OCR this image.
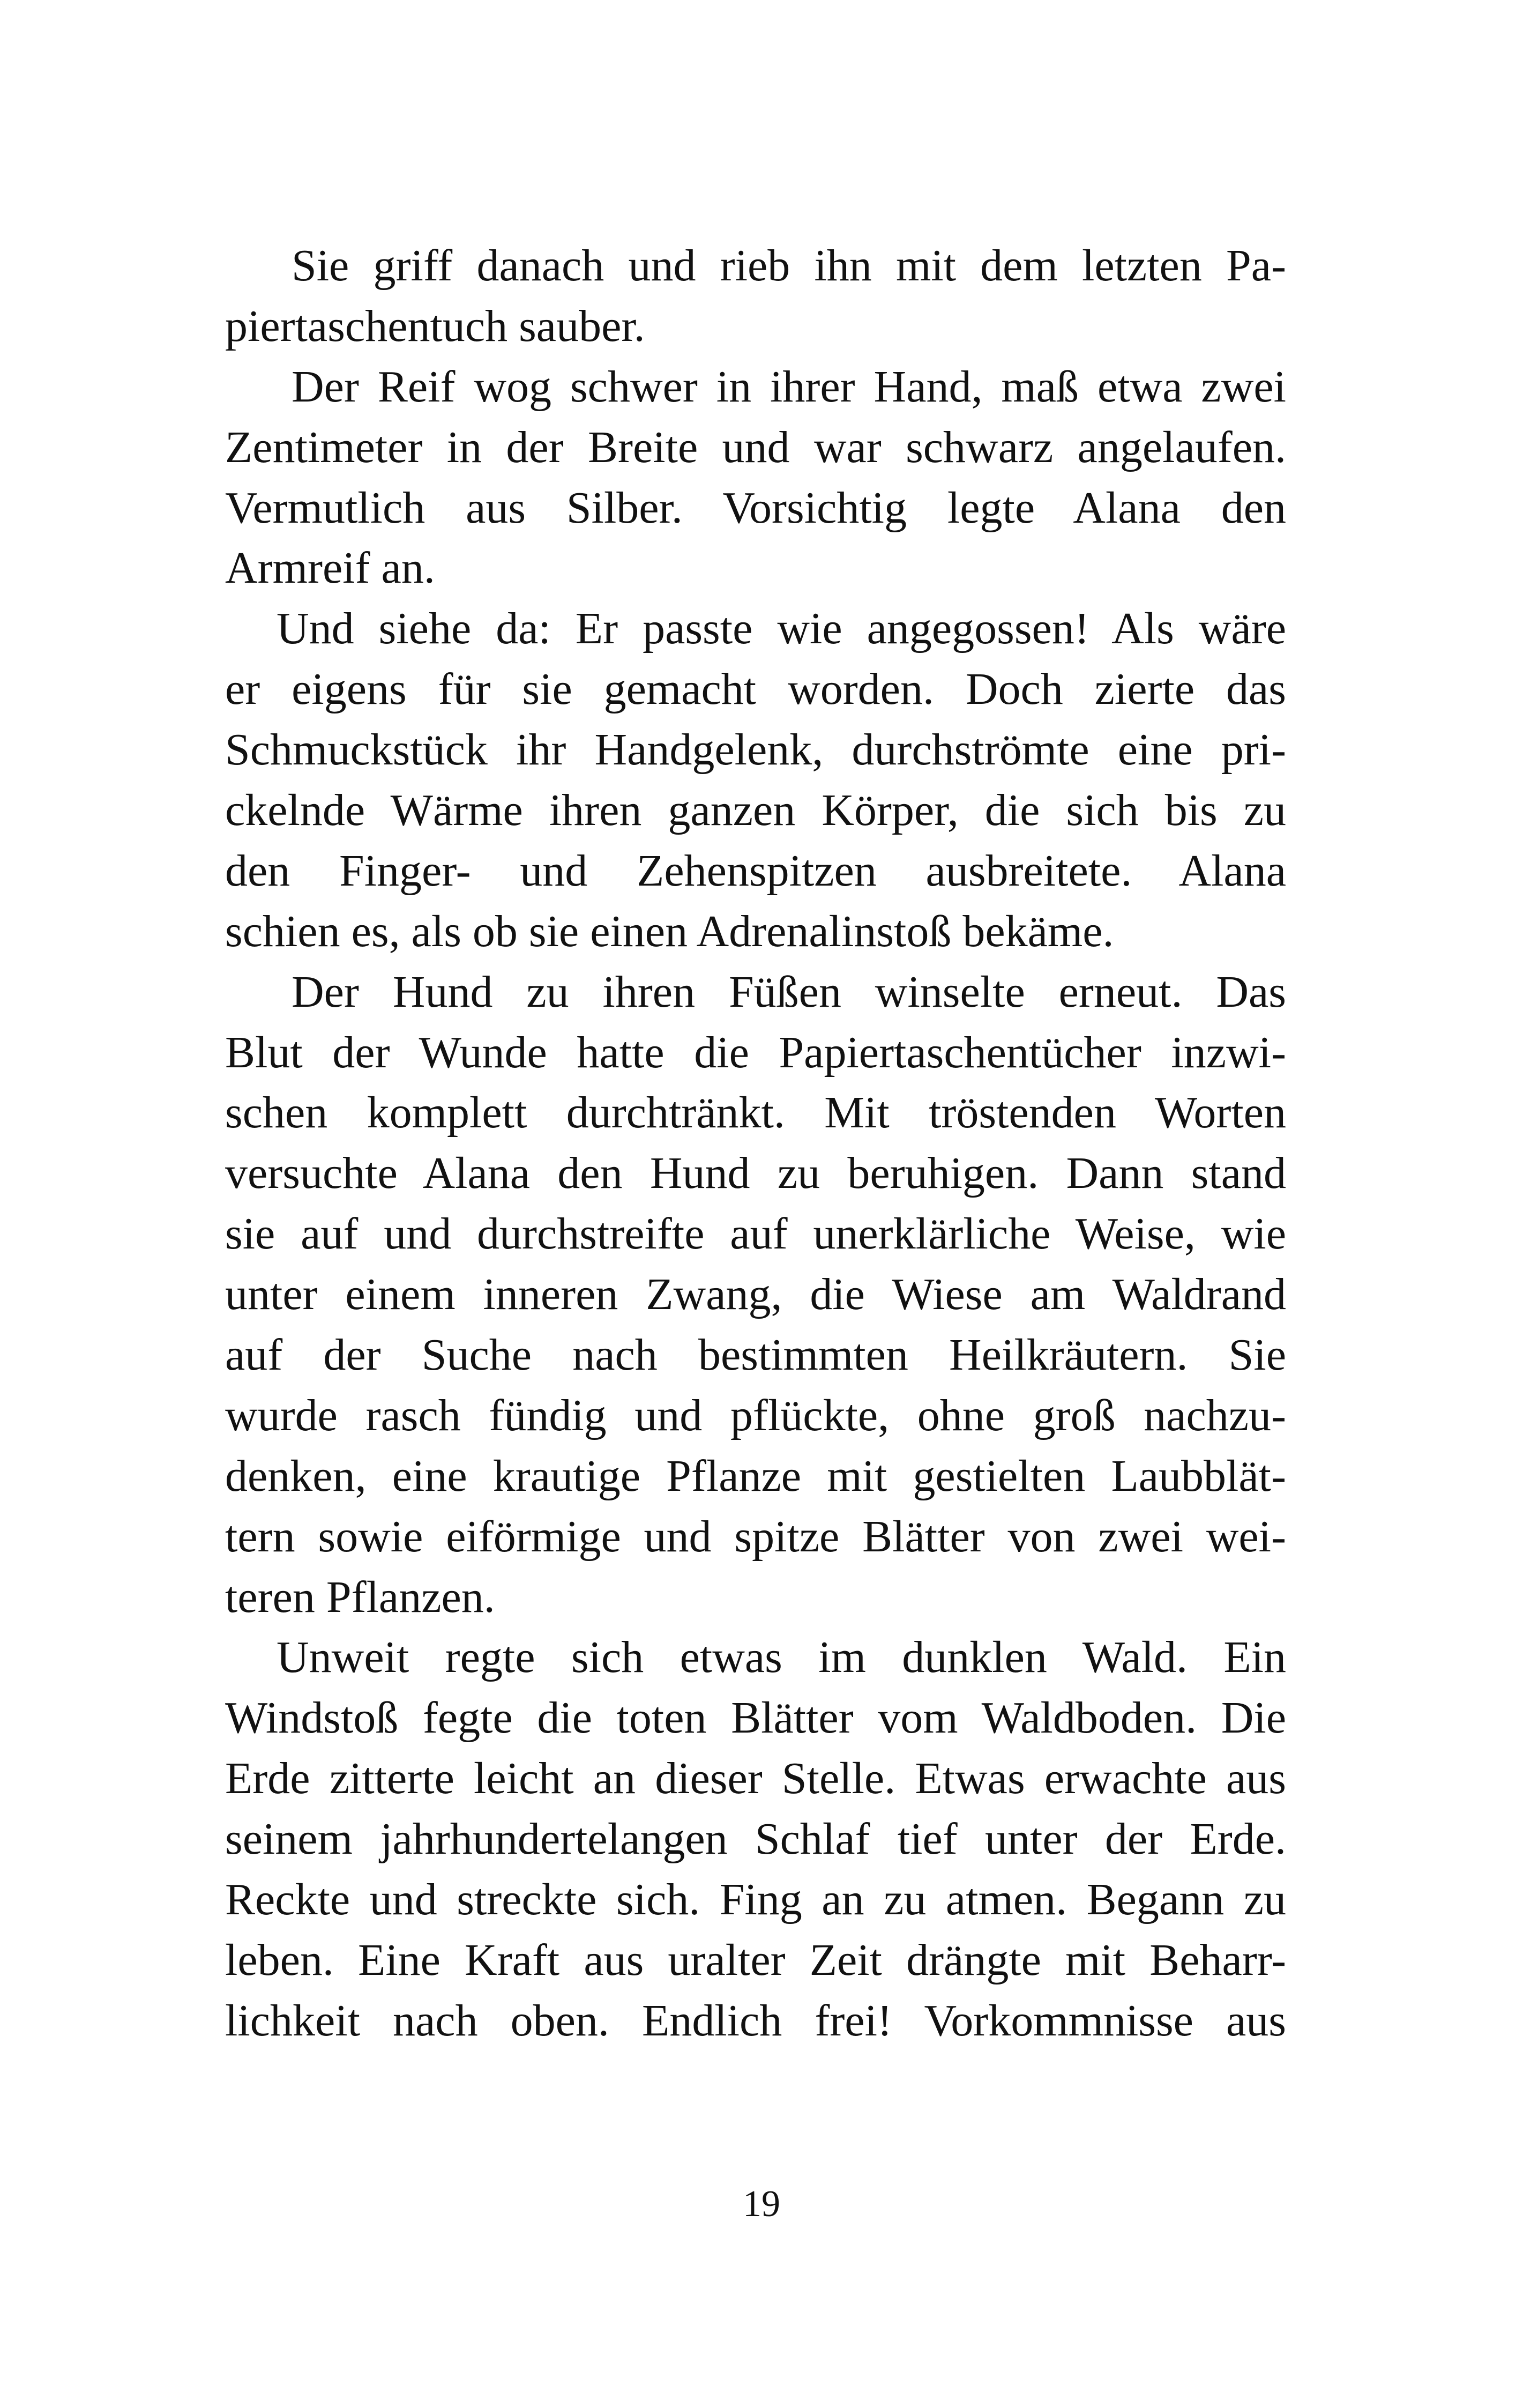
Sie griff danach und rieb ihn mit dem letzten Pa-
piertaschentuch sauber.
Der Reif wog schwer in ihrer Hand, maß etwa zwei
Zentimeter in der Breite und war schwarz angelaufen.
Vermutlich aus Silber. Vorsichtig legte Alana den
Armreif an.
Und siehe da: Er passte wie angegossen! Als wäre
er eigens für sie gemacht worden. Doch zierte das
Schmuckstück ihr Handgelenk, durchströmte eine pri-
ckelnde Wärme ihren ganzen Körper, die sich bis zu
den Finger- und Zehenspitzen ausbreitete. Alana
schien es, als ob sie einen Adrenalinstoß bekäme.
Der Hund zu ihren Füßen winselte erneut. Das
Blut der Wunde hatte die Papiertaschentücher inzwi-
schen komplett durchtränkt. Mit tröstenden Worten
versuchte Alana den Hund zu beruhigen. Dann stand
sie auf und durchstreifte auf unerklärliche Weise, wie
unter einem inneren Zwang, die Wiese am Waldrand
auf der Suche nach bestimmten Heilkräutern. Sie
wurde rasch fündig und pflückte, ohne groß nachzu-
denken, eine krautige Pflanze mit gestielten Laubblät-
tern sowie eiförmige und spitze Blätter von zwei wei-
teren Pflanzen.
Unweit regte sich etwas im dunklen Wald. Ein
Windstoß fegte die toten Blätter vom Waldboden. Die
Erde zitterte leicht an dieser Stelle. Etwas erwachte aus
seinem jahrhundertelangen Schlaf tief unter der Erde.
Reckte und streckte sich. Fing an zu atmen. Begann zu
leben. Eine Kraft aus uralter Zeit drängte mit Beharr-
lichkeit nach oben. Endlich frei! Vorkommnisse aus
19
